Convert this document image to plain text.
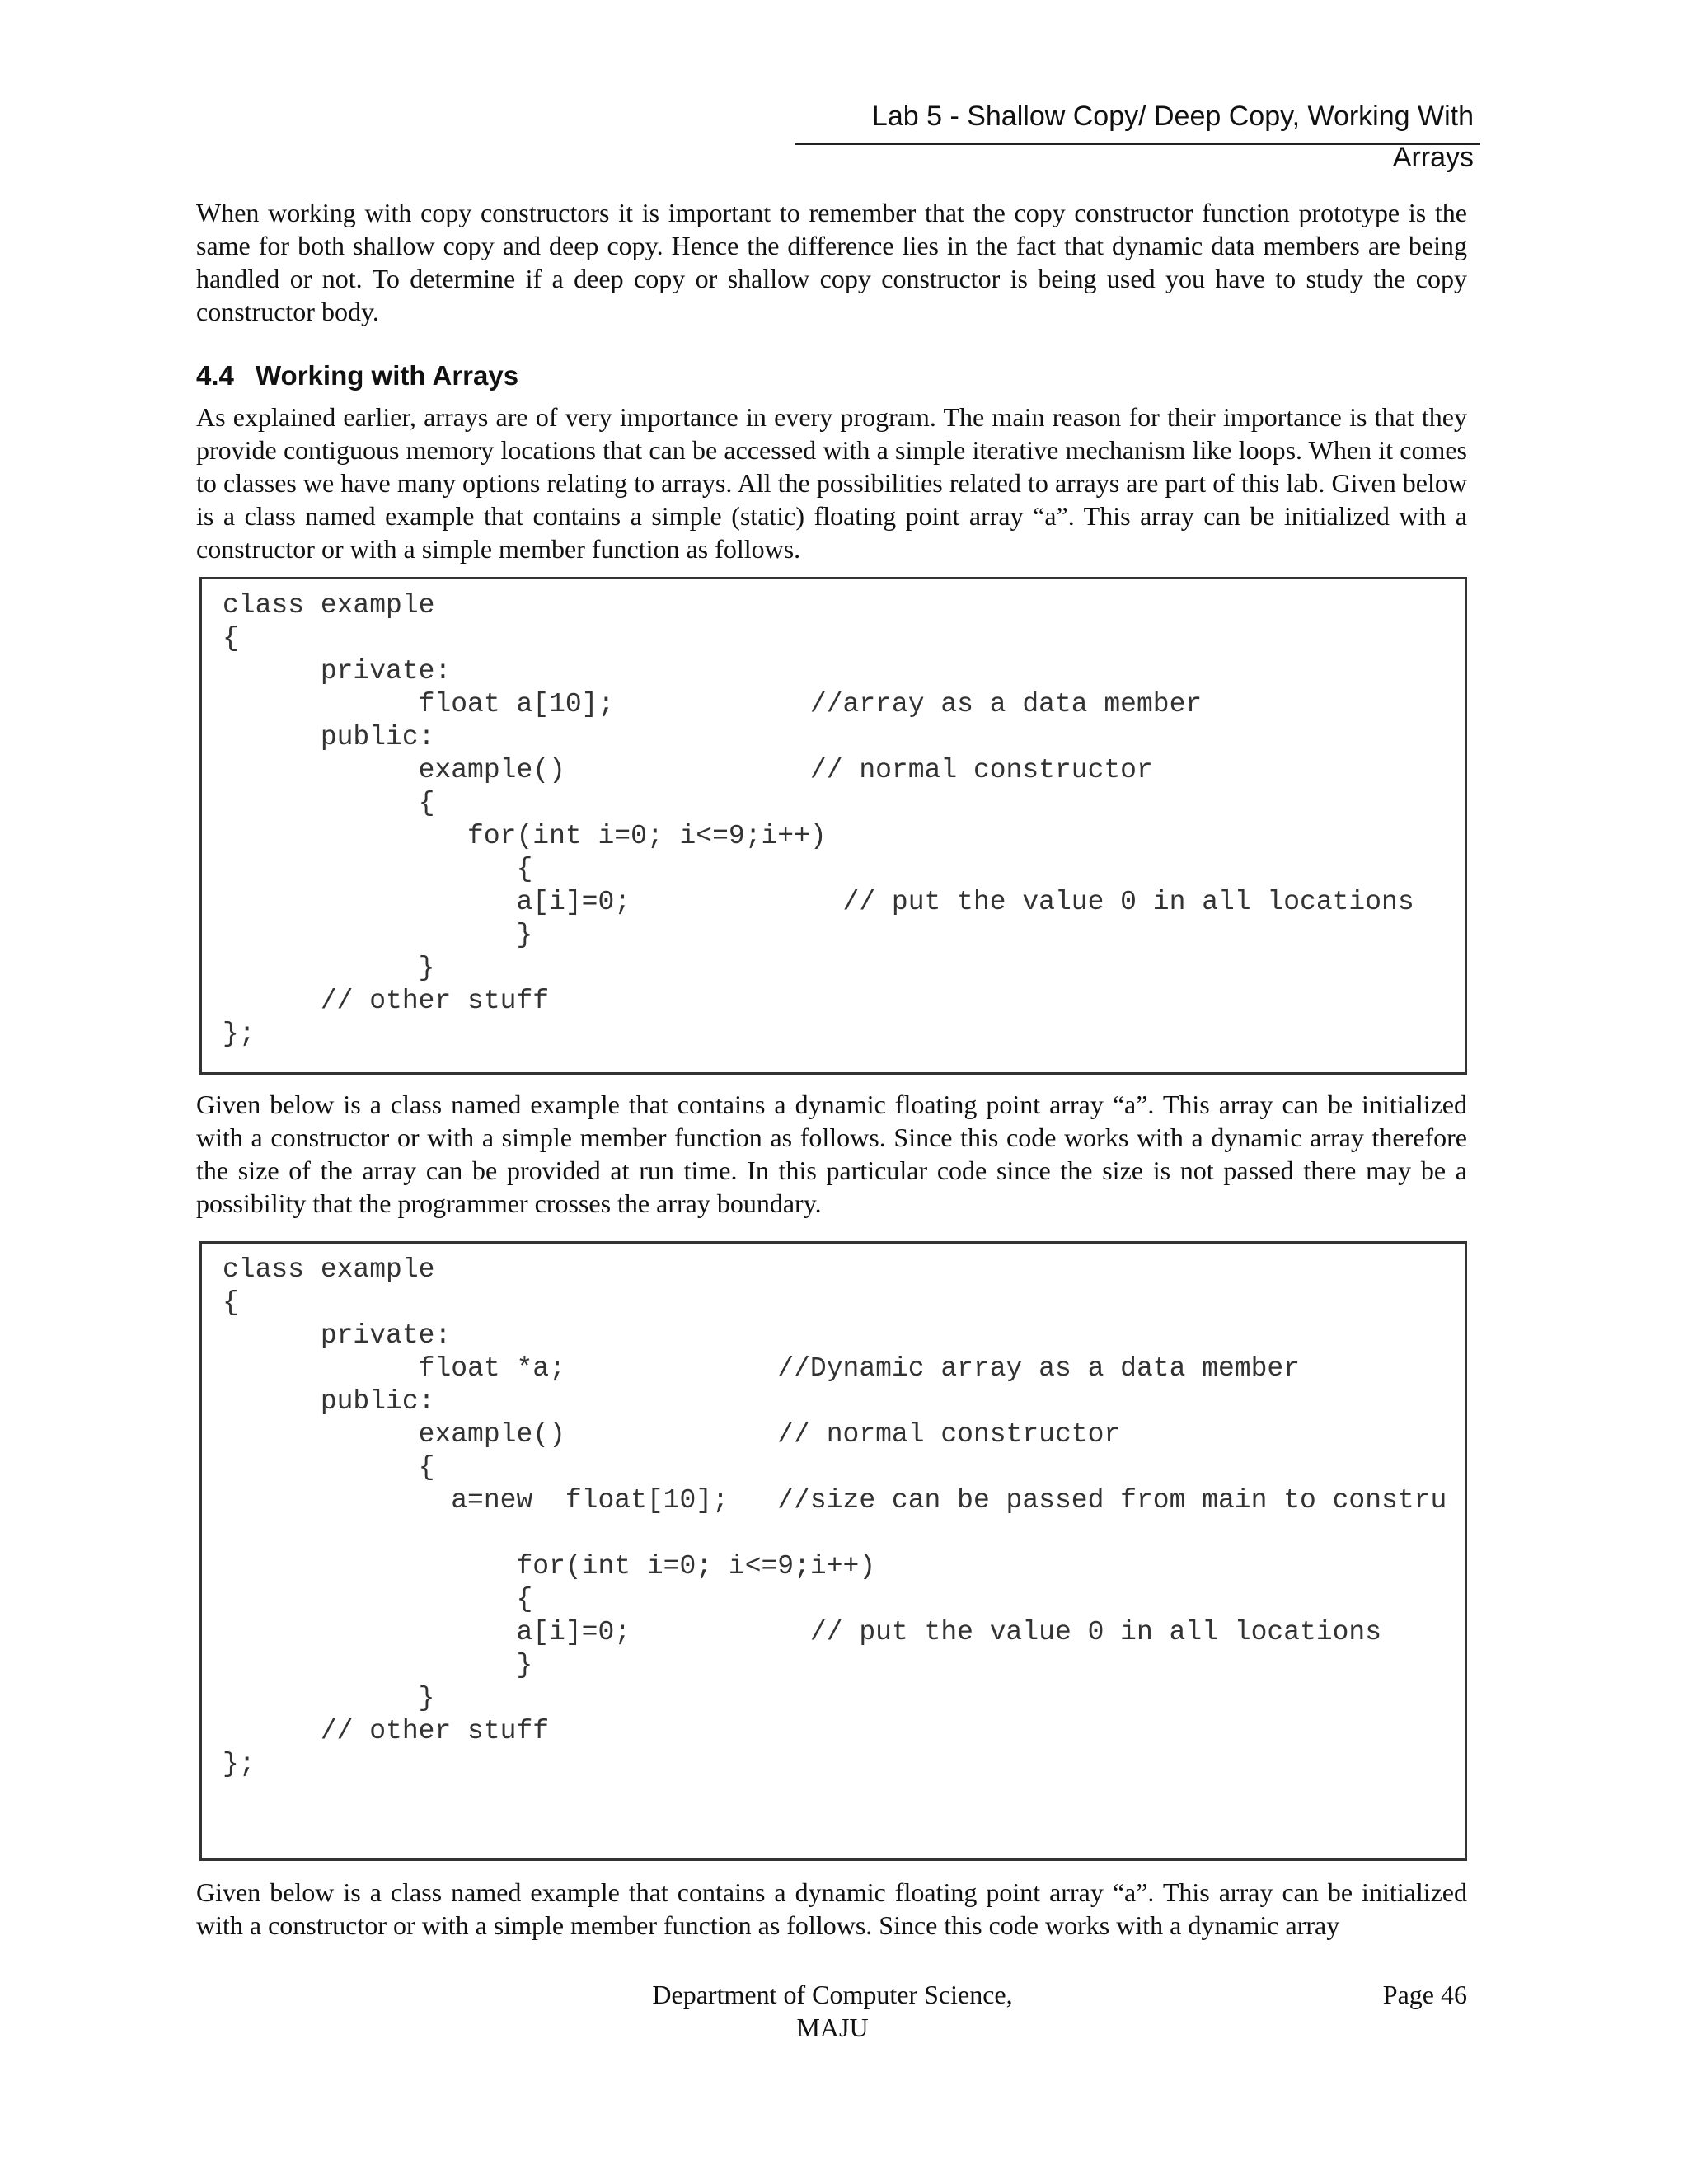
Lab 5 - Shallow Copy/ Deep Copy, Working With Arrays

When working with copy constructors it is important to remember that the copy constructor function prototype is the same for both shallow copy and deep copy. Hence the difference lies in the fact that dynamic data members are being handled or not. To determine if a deep copy or shallow copy constructor is being used you have to study the copy constructor body.

4.4 Working with Arrays

As explained earlier, arrays are of very importance in every program. The main reason for their importance is that they provide contiguous memory locations that can be accessed with a simple iterative mechanism like loops. When it comes to classes we have many options relating to arrays. All the possibilities related to arrays are part of this lab. Given below is a class named example that contains a simple (static) floating point array “a”. This array can be initialized with a constructor or with a simple member function as follows.

class example
{
private:
float a[10];            //array as a data member
public:
example()               // normal constructor
{
for(int i=0; i<=9;i++)
{
a[i]=0;             // put the value 0 in all locations
}
}
// other stuff
};

Given below is a class named example that contains a dynamic floating point array “a”. This array can be initialized with a constructor or with a simple member function as follows. Since this code works with a dynamic array therefore the size of the array can be provided at run time. In this particular code since the size is not passed there may be a possibility that the programmer crosses the array boundary.

class example
{
private:
float *a;             //Dynamic array as a data member
public:
example()             // normal constructor
{
a=new  float[10];   //size can be passed from main to constru

for(int i=0; i<=9;i++)
{
a[i]=0;           // put the value 0 in all locations
}
}
// other stuff
};

Given below is a class named example that contains a dynamic floating point array “a”. This array can be initialized with a constructor or with a simple member function as follows. Since this code works with a dynamic array

Department of Computer Science,
MAJU
Page 46
